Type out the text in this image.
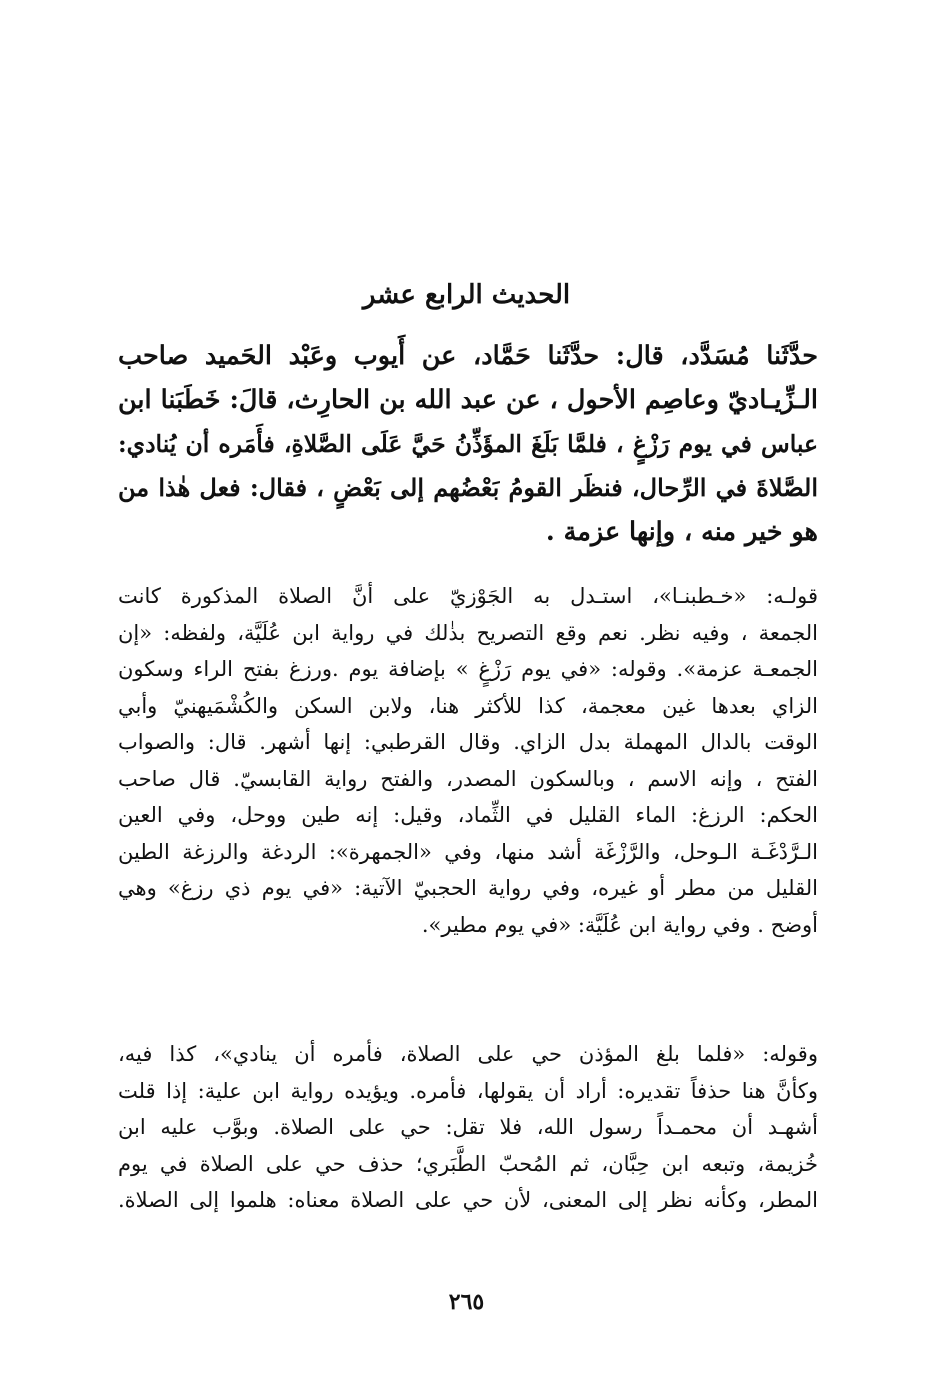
الحديث الرابع عشر
حدَّثَنا مُسَدَّد، قال: حدَّثَنا حَمَّاد، عن أَيوب وعَبْد الحَميد صاحب
الـزِّيـاديّ وعاصِم الأحول ، عن عبد الله بن الحارِث، قالَ: خَطَبَنا ابن
عباس في يوم رَزْغٍ ، فلمَّا بَلَغَ المؤَذِّنُ حَيَّ عَلَى الصَّلاةِ، فأَمَره أن يُنادي:
الصَّلاةَ في الرِّحال، فنظَر القومُ بَعْضُهم إلى بَعْضٍ ، فقال: فعل هٰذا من
هو خير منه ، وإنها عزمة .
قولـه: «خـطبنـا»، استـدل به الجَوْزيّ على أنَّ الصلاة المذكورة كانت
الجمعة ، وفيه نظر. نعم وقع التصريح بذٰلك في رواية ابن عُلَيَّة، ولفظه: «إن
الجمعـة عزمة». وقوله: «في يوم رَزْغٍ » بإضافة يوم .ورزغ بفتح الراء وسكون
الزاي بعدها غين معجمة، كذا للأكثر هنا، ولابن السكن والكُشْمَيهنيّ وأبي
الوقت بالدال المهملة بدل الزاي. وقال القرطبي: إنها أشهر. قال: والصواب
الفتح ، وإنه الاسم ، وبالسكون المصدر، والفتح رواية القابسيّ. قال صاحب
الحكم: الرزغ: الماء القليل في الثِّماد، وقيل: إنه طين ووحل، وفي العين
الـرَّدْغَـة الـوحل، والرَّزْغَة أشد منها، وفي «الجمهرة»: الردغة والرزغة الطين
القليل من مطر أو غيره، وفي رواية الحجبيّ الآتية: «في يوم ذي رزغ» وهي
أوضح . وفي رواية ابن عُلَيَّة: «في يوم مطير».
وقوله: «فلما بلغ المؤذن حي على الصلاة، فأمره أن ينادي»، كذا فيه،
وكأنَّ هنا حذفاً تقديره: أراد أن يقولها، فأمره. ويؤيده رواية ابن علية: إذا قلت
أشهـد أن محمـداً رسول الله، فلا تقل: حي على الصلاة. وبوَّب عليه ابن
خُزيمة، وتبعه ابن حِبَّان، ثم المُحبّ الطَّبَري؛ حذف حي على الصلاة في يوم
المطر، وكأنه نظر إلى المعنى، لأن حي على الصلاة معناه: هلموا إلى الصلاة.
٢٦٥
